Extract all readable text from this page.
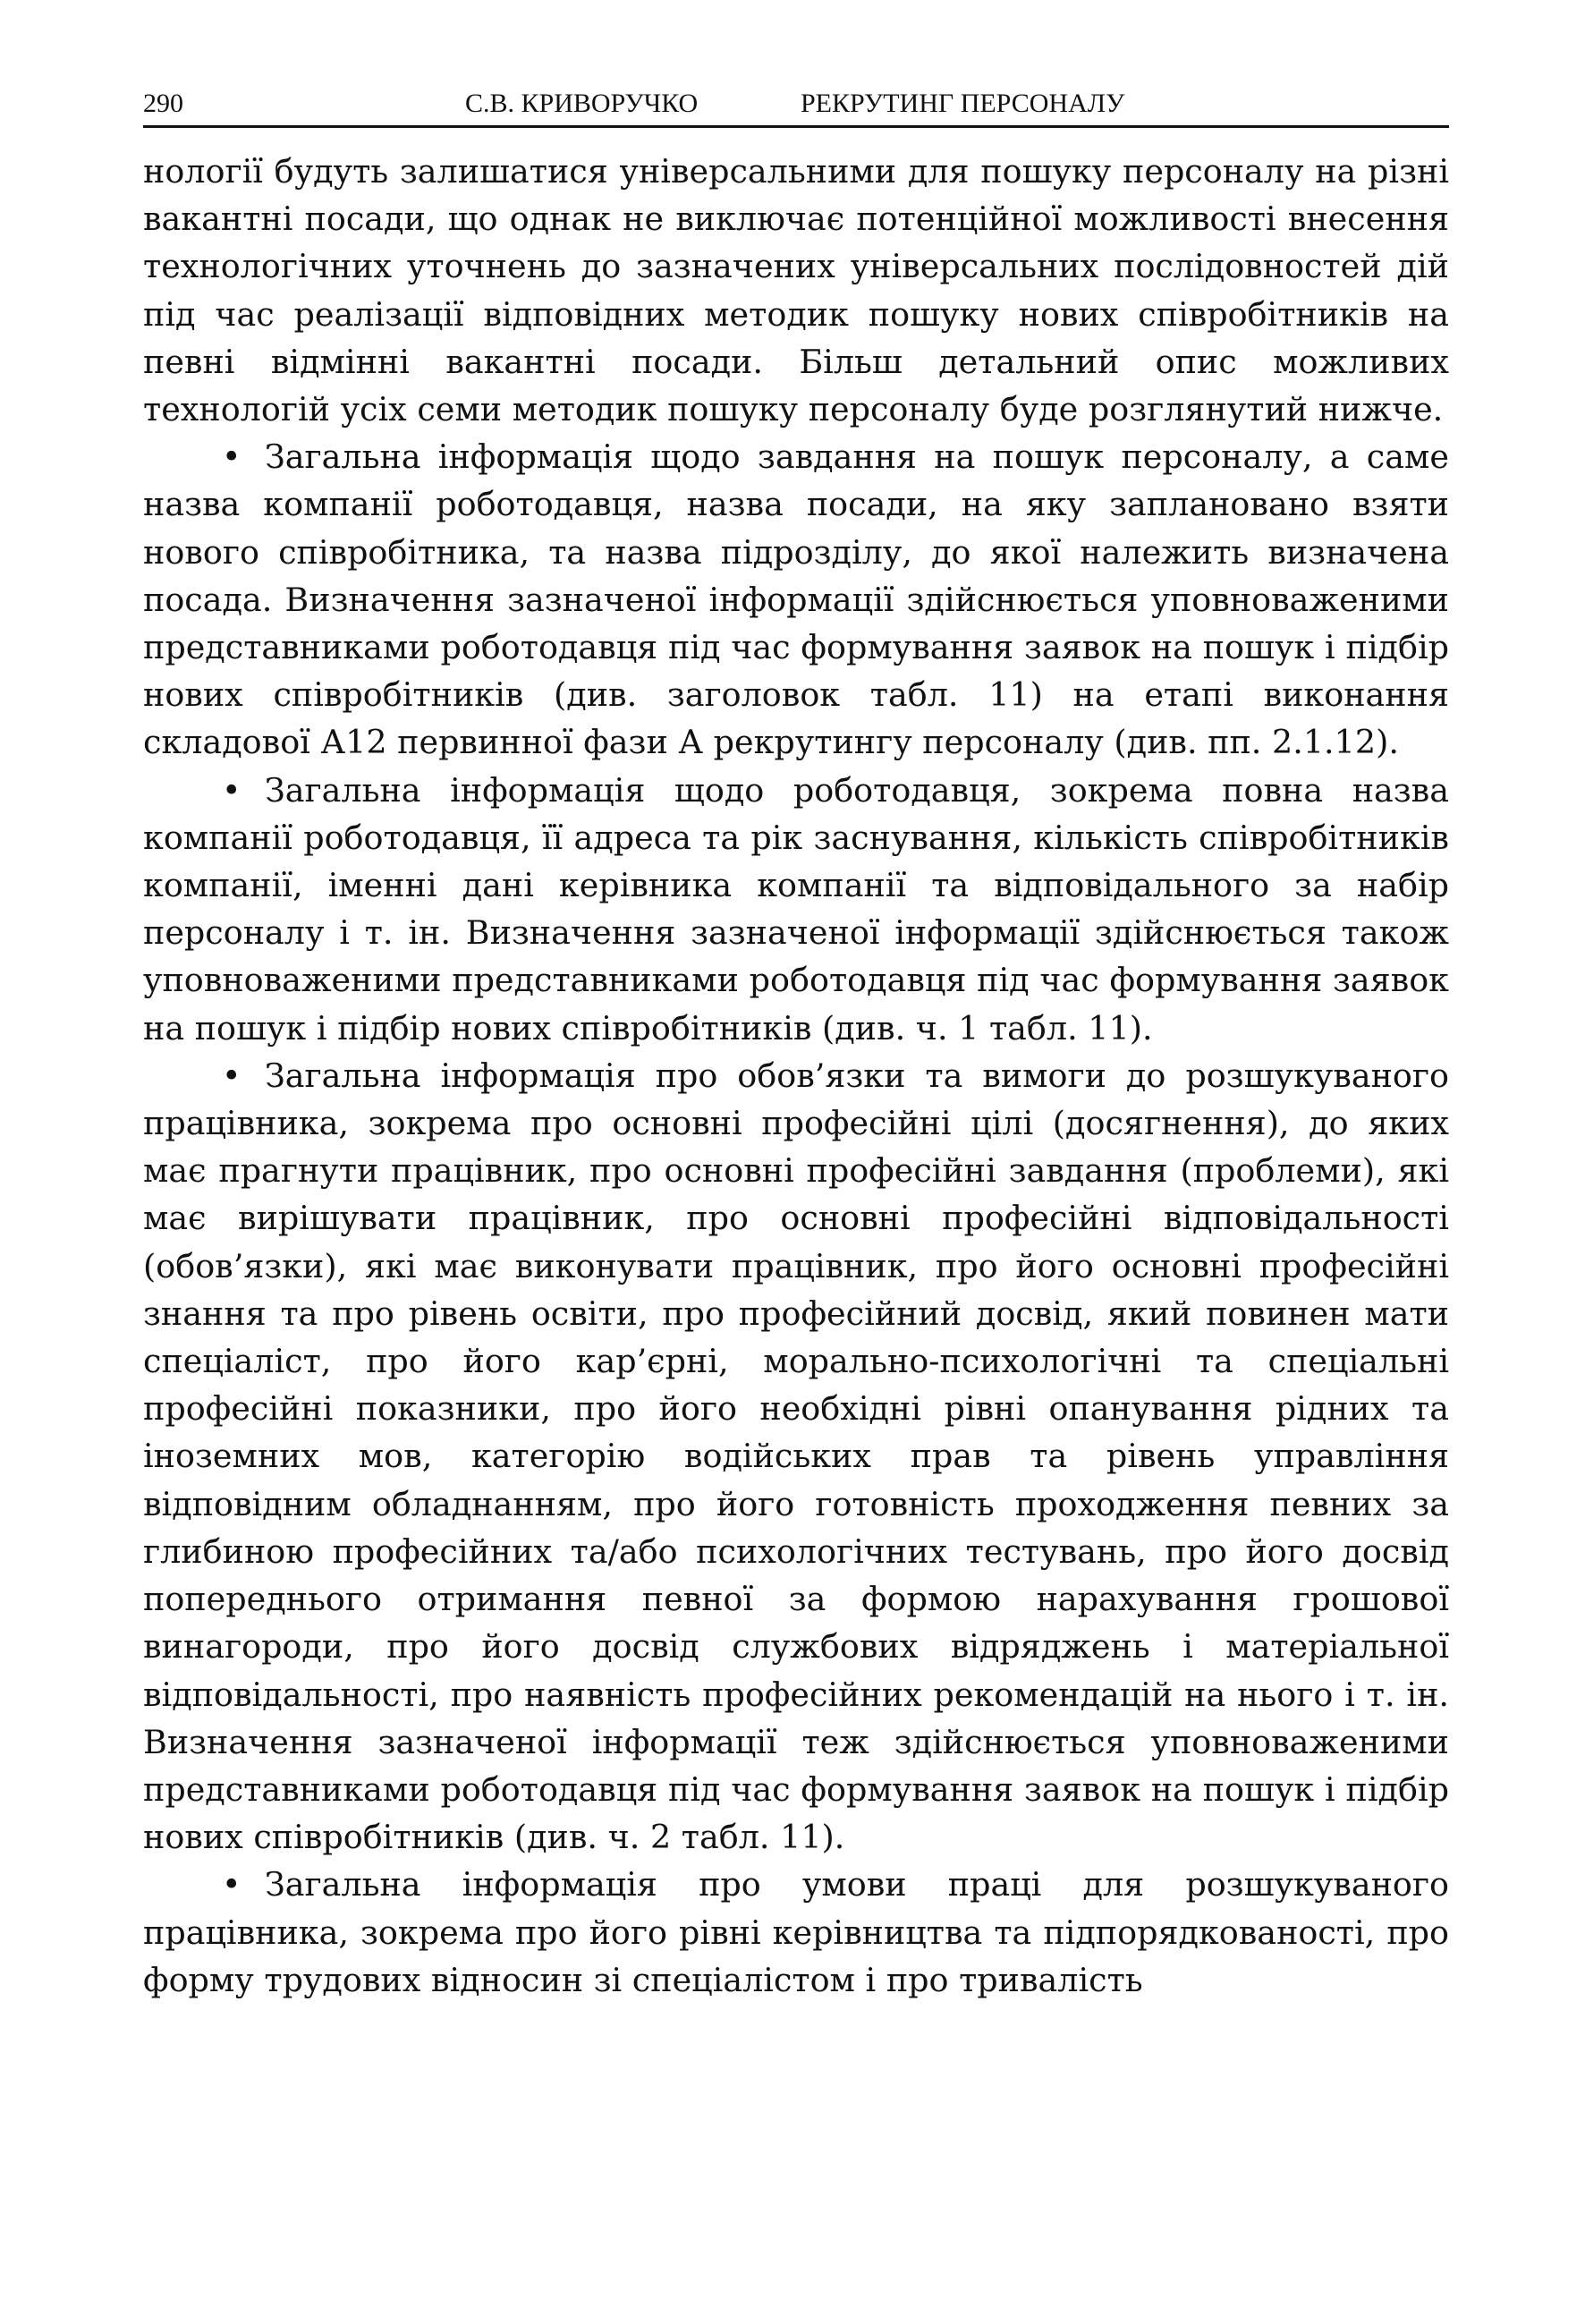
290	С.В. КРИВОРУЧКО	РЕКРУТИНГ ПЕРСОНАЛУ

нології будуть залишатися універсальними для пошуку персоналу на різні вакантні посади, що однак не виключає потенційної можливості внесення технологічних уточнень до зазначених універсальних послідовностей дій під час реалізації відповідних методик пошуку нових співробітників на певні відмінні вакантні посади. Більш детальний опис можливих технологій усіх семи методик пошуку персоналу буде розглянутий нижче.

• Загальна інформація щодо завдання на пошук персоналу, а саме назва компанії роботодавця, назва посади, на яку заплановано взяти нового співробітника, та назва підрозділу, до якої належить визначена посада. Визначення зазначеної інформації здійснюється уповноваженими представниками роботодавця під час формування заявок на пошук і підбір нових співробітників (див. заголовок табл. 11) на етапі виконання складової А12 первинної фази А рекрутингу персоналу (див. пп. 2.1.12).

• Загальна інформація щодо роботодавця, зокрема повна назва компанії роботодавця, її адреса та рік заснування, кількість співробітників компанії, іменні дані керівника компанії та відповідального за набір персоналу і т. ін. Визначення зазначеної інформації здійснюється також уповноваженими представниками роботодавця під час формування заявок на пошук і підбір нових співробітників (див. ч. 1 табл. 11).

• Загальна інформація про обов’язки та вимоги до розшукуваного працівника, зокрема про основні професійні цілі (досягнення), до яких має прагнути працівник, про основні професійні завдання (проблеми), які має вирішувати працівник, про основні професійні відповідальності (обов’язки), які має виконувати працівник, про його основні професійні знання та про рівень освіти, про професійний досвід, який повинен мати спеціаліст, про його кар’єрні, морально-психологічні та спеціальні професійні показники, про його необхідні рівні опанування рідних та іноземних мов, категорію водійських прав та рівень управління відповідним обладнанням, про його готовність проходження певних за глибиною професійних та/або психологічних тестувань, про його досвід попереднього отримання певної за формою нарахування грошової винагороди, про його досвід службових відряджень і матеріальної відповідальності, про наявність професійних рекомендацій на нього і т. ін. Визначення зазначеної інформації теж здійснюється уповноваженими представниками роботодавця під час формування заявок на пошук і підбір нових співробітників (див. ч. 2 табл. 11).

• Загальна інформація про умови праці для розшукуваного працівника, зокрема про його рівні керівництва та підпорядкованості, про форму трудових відносин зі спеціалістом і про тривалість
